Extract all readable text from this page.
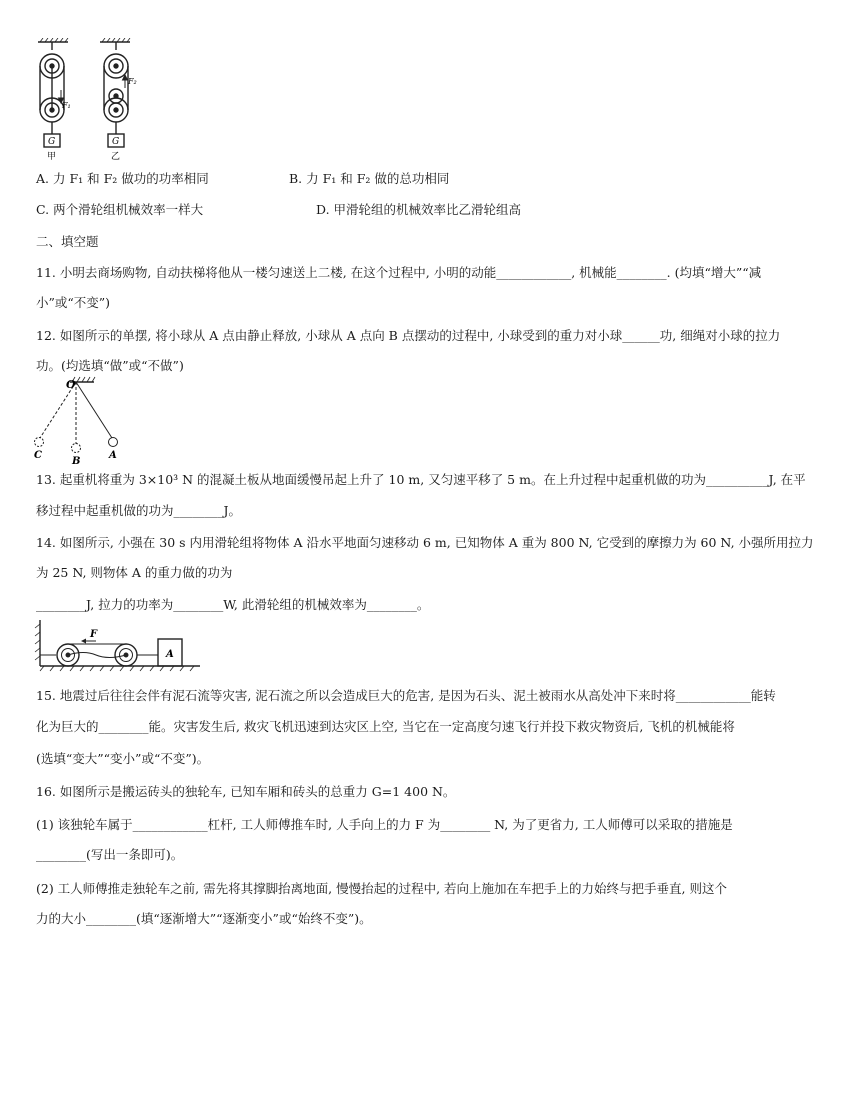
F₁
F₂
G	G
甲	乙
A. 力 F₁ 和 F₂ 做功的功率相同	B. 力 F₁ 和 F₂ 做的总功相同
C. 两个滑轮组机械效率一样大	D. 甲滑轮组的机械效率比乙滑轮组高
二、填空题
11. 小明去商场购物, 自动扶梯将他从一楼匀速送上二楼, 在这个过程中, 小明的动能____________, 机械能________. (均填“增大”“减
小”或“不变”)
12. 如图所示的单摆, 将小球从 A 点由静止释放, 小球从 A 点向 B 点摆动的过程中, 小球受到的重力对小球______功, 细绳对小球的拉力
功。(均选填“做”或“不做”)
O
C
B
A
13. 起重机将重为 3×10³ N 的混凝土板从地面缓慢吊起上升了 10 m, 又匀速平移了 5 m。在上升过程中起重机做的功为__________J, 在平
移过程中起重机做的功为________J。
14. 如图所示, 小强在 30 s 内用滑轮组将物体 A 沿水平地面匀速移动 6 m, 已知物体 A 重为 800 N, 它受到的摩擦力为 60 N, 小强所用拉力
为 25 N, 则物体 A 的重力做的功为
________J, 拉力的功率为________W, 此滑轮组的机械效率为________。
F
A
15. 地震过后往往会伴有泥石流等灾害, 泥石流之所以会造成巨大的危害, 是因为石头、泥土被雨水从高处冲下来时将____________能转
化为巨大的________能。灾害发生后, 救灾飞机迅速到达灾区上空, 当它在一定高度匀速飞行并投下救灾物资后, 飞机的机械能将
(选填“变大”“变小”或“不变”)。
16. 如图所示是搬运砖头的独轮车, 已知车厢和砖头的总重力 G=1 400 N。
(1) 该独轮车属于____________杠杆, 工人师傅推车时, 人手向上的力 F 为________ N, 为了更省力, 工人师傅可以采取的措施是
________(写出一条即可)。
(2) 工人师傅推走独轮车之前, 需先将其撑脚抬离地面, 慢慢抬起的过程中, 若向上施加在车把手上的力始终与把手垂直, 则这个
力的大小________(填“逐渐增大”“逐渐变小”或“始终不变”)。
